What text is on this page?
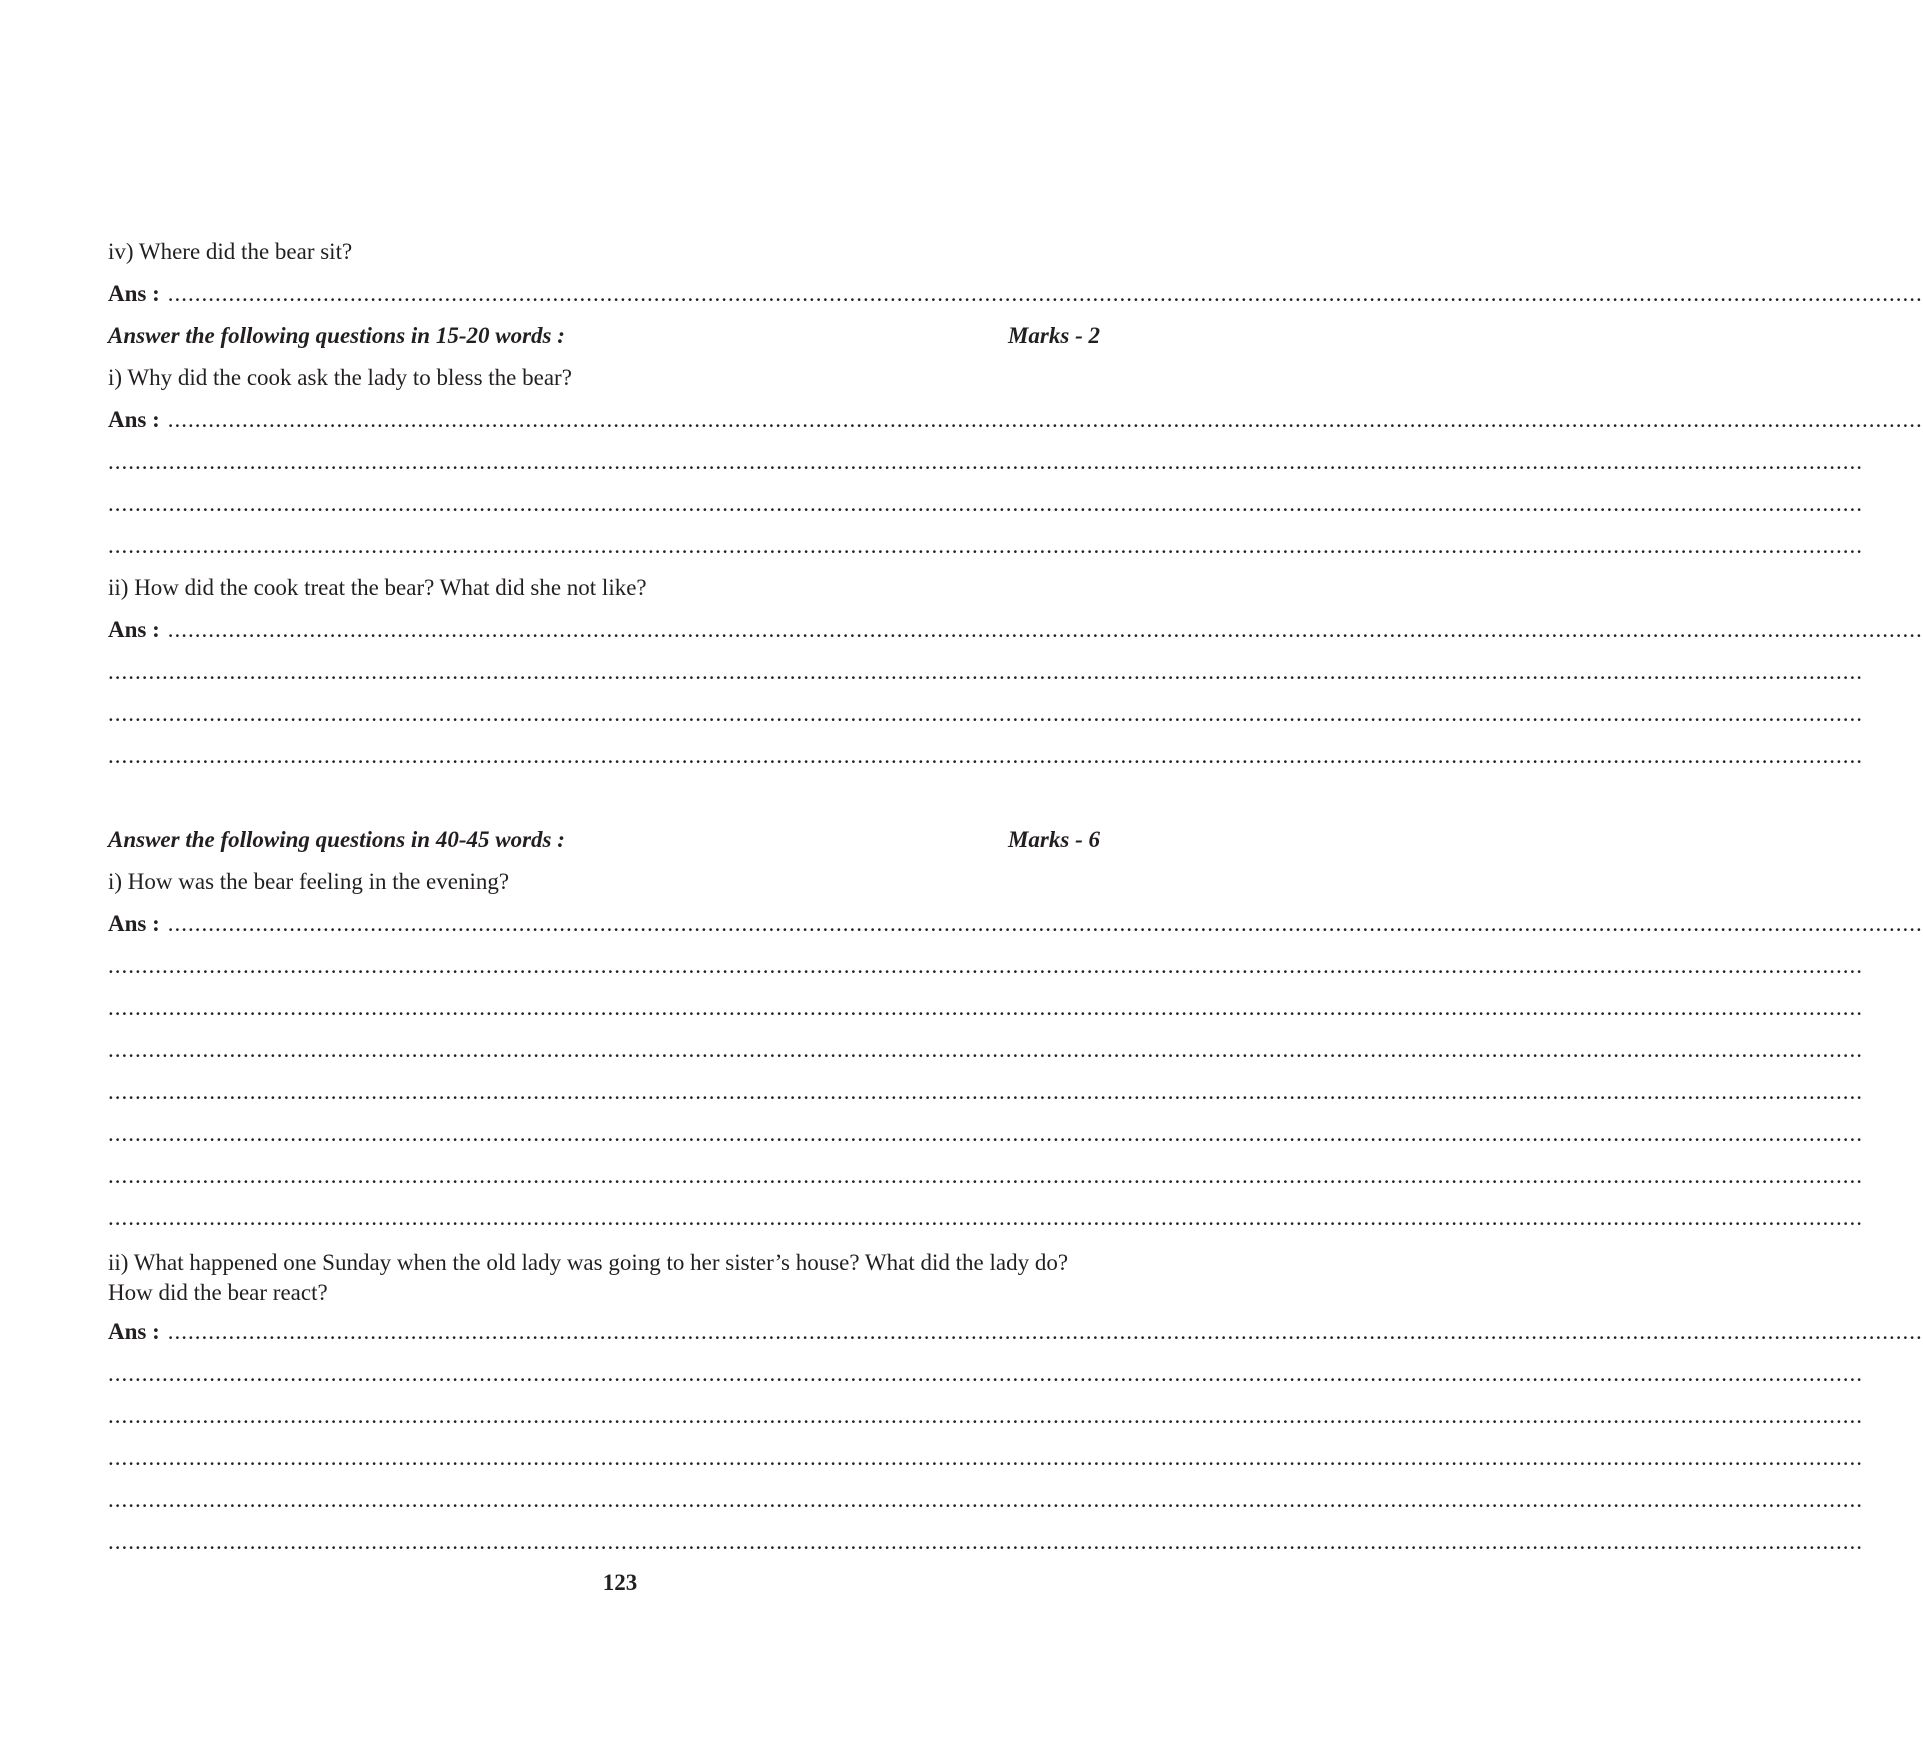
iv) Where did the bear sit?
Ans : ....................................................................................................................................................................................................................................................................
Answer the following questions in 15-20 words :	Marks - 2
i) Why did the cook ask the lady to bless the bear?
Ans : ....................................................................................................................................................................................................................................................................
....................................................................................................................................................................................................................................................................
....................................................................................................................................................................................................................................................................
....................................................................................................................................................................................................................................................................
ii) How did the cook treat the bear? What did she not like?
Ans : ....................................................................................................................................................................................................................................................................
....................................................................................................................................................................................................................................................................
....................................................................................................................................................................................................................................................................
....................................................................................................................................................................................................................................................................
Answer the following questions in 40-45 words :	Marks - 6
i) How was the bear feeling in the evening?
Ans : ....................................................................................................................................................................................................................................................................
....................................................................................................................................................................................................................................................................
....................................................................................................................................................................................................................................................................
....................................................................................................................................................................................................................................................................
....................................................................................................................................................................................................................................................................
....................................................................................................................................................................................................................................................................
....................................................................................................................................................................................................................................................................
....................................................................................................................................................................................................................................................................
ii) What happened one Sunday when the old lady was going to her sister’s house? What did the lady do? How did the bear react?
Ans : ....................................................................................................................................................................................................................................................................
....................................................................................................................................................................................................................................................................
....................................................................................................................................................................................................................................................................
....................................................................................................................................................................................................................................................................
....................................................................................................................................................................................................................................................................
....................................................................................................................................................................................................................................................................
123
